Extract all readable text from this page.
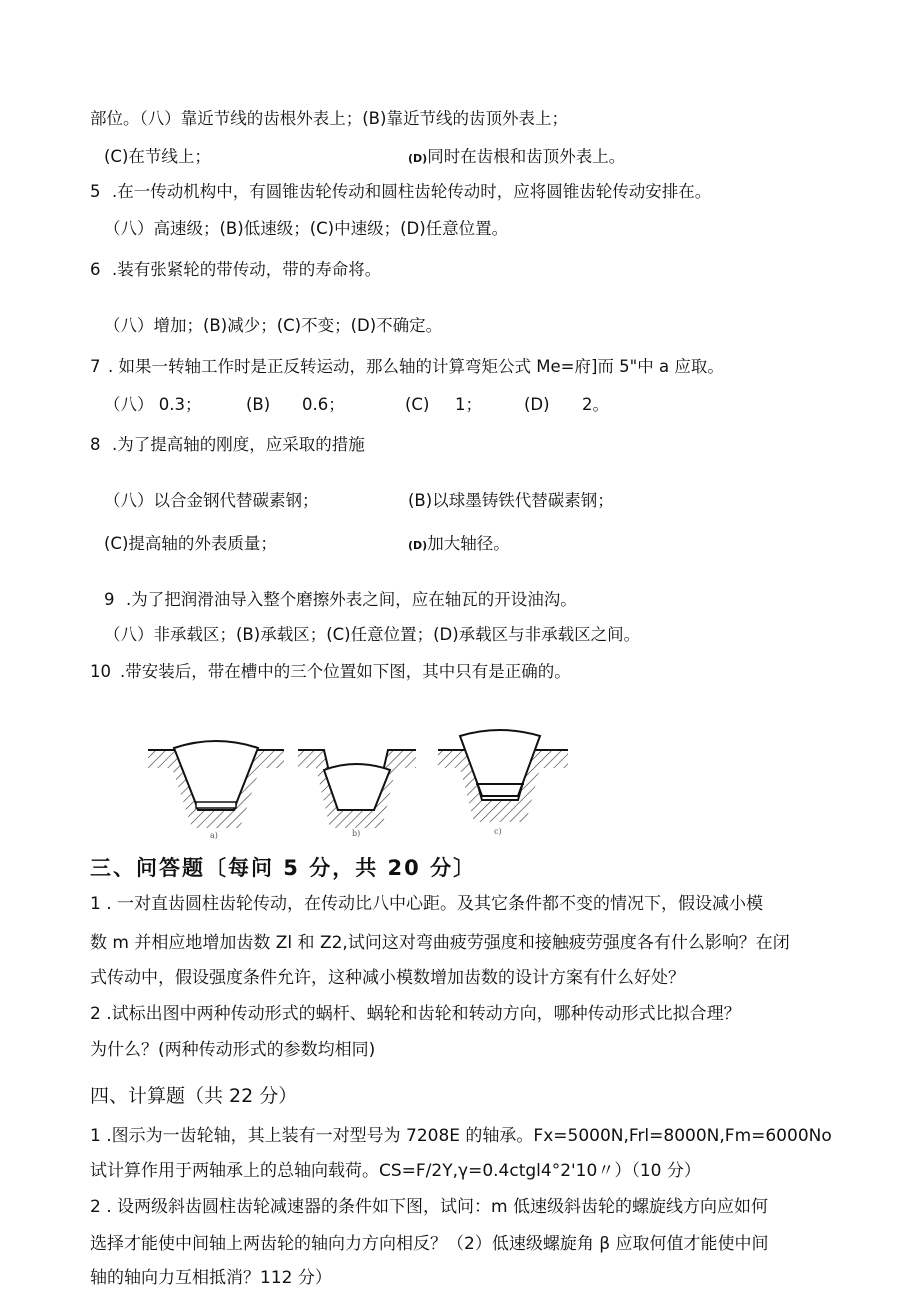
部位。（八）靠近节线的齿根外表上；(B)靠近节线的齿顶外表上；
(C)在节线上；	(D)同时在齿根和齿顶外表上。
5 .在一传动机构中，有圆锥齿轮传动和圆柱齿轮传动时，应将圆锥齿轮传动安排在。
（八）高速级；(B)低速级；(C)中速级；(D)任意位置。
6 .装有张紧轮的带传动，带的寿命将。
（八）增加；(B)减少；(C)不变；(D)不确定。
7 . 如果一转轴工作时是正反转运动，那么轴的计算弯矩公式 Me=府]而 5"中 a 应取。
（八） 0.3；	(B) 0.6；	(C) 1；	(D) 2。
8 .为了提高轴的刚度，应采取的措施
（八）以合金钢代替碳素钢；	(B)以球墨铸铁代替碳素钢；
(C)提高轴的外表质量；	(D)加大轴径。
9 .为了把润滑油导入整个磨擦外表之间，应在轴瓦的开设油沟。
（八）非承载区；(B)承载区；(C)任意位置；(D)承载区与非承载区之间。
10 .带安装后，带在槽中的三个位置如下图，其中只有是正确的。
a)	b)	c)
三、问答题〔每问 5 分，共 20 分〕
1 . 一对直齿圆柱齿轮传动，在传动比八中心距。及其它条件都不变的情况下，假设减小模
数 m 并相应地增加齿数 Zl 和 Z2,试问这对弯曲疲劳强度和接触疲劳强度各有什么影响？在闭
式传动中，假设强度条件允许，这种减小模数增加齿数的设计方案有什么好处？
2 .试标出图中两种传动形式的蜗杆、蜗轮和齿轮和转动方向，哪种传动形式比拟合理？
为什么？(两种传动形式的参数均相同)
四、计算题（共 22 分）
1 .图示为一齿轮轴，其上装有一对型号为 7208E 的轴承。Fx=5000N,Frl=8000N,Fm=6000No
试计算作用于两轴承上的总轴向载荷。CS=F/2Y,γ=0.4ctgl4°2'10〃）（10 分）
2 . 设两级斜齿圆柱齿轮减速器的条件如下图，试问：m 低速级斜齿轮的螺旋线方向应如何
选择才能使中间轴上两齿轮的轴向力方向相反？（2）低速级螺旋角 β 应取何值才能使中间
轴的轴向力互相抵消？112 分）
